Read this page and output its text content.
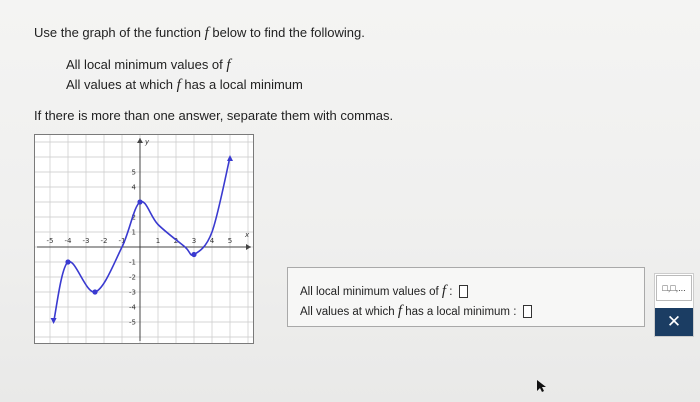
Use the graph of the function f below to find the following.
All local minimum values of f
All values at which f has a local minimum
If there is more than one answer, separate them with commas.
-5 -4 -3 -2 -1	1 2 3 4 5
5
4
2
1
-1
-2
-3
-4
-5
x
y
All local minimum values of f :
All values at which f has a local minimum :
□,□,...
✕
